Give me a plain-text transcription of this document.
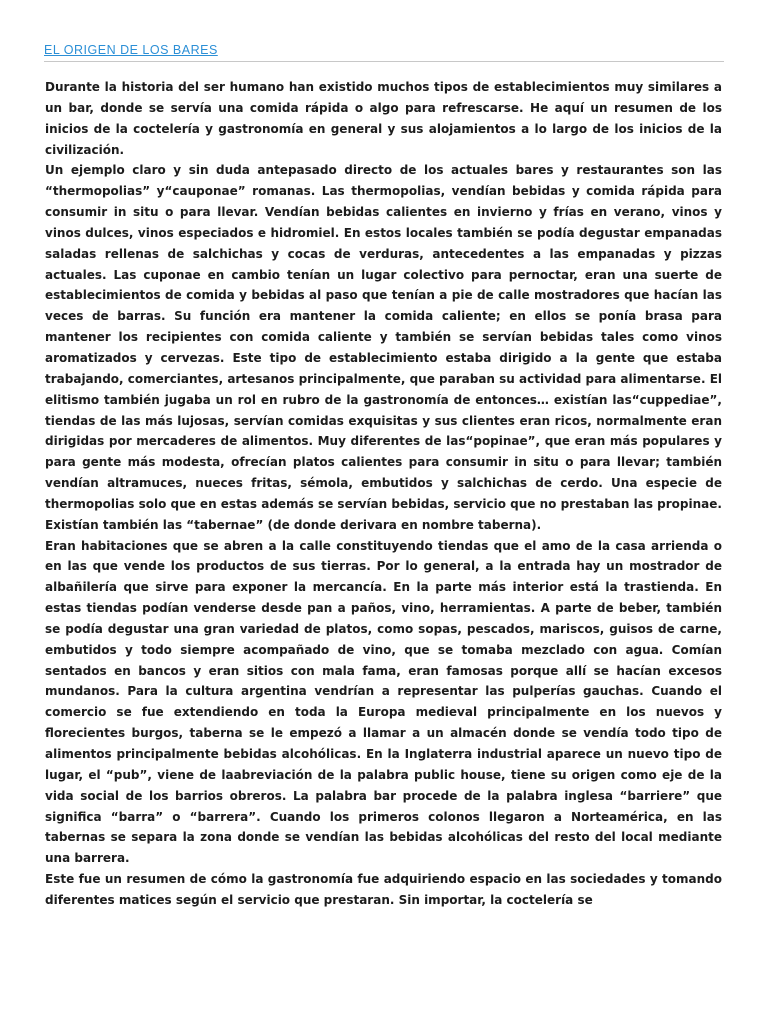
EL ORIGEN DE LOS BARES

Durante la historia del ser humano han existido muchos tipos de establecimientos muy similares a un bar, donde se servía una comida rápida o algo para refrescarse. He aquí un resumen de los inicios de la coctelería y gastronomía en general y sus alojamientos a lo largo de los inicios de la civilización.

Un ejemplo claro y sin duda antepasado directo de los actuales bares y restaurantes son las “thermopolias” y“cauponae” romanas. Las thermopolias, vendían bebidas y comida rápida para consumir in situ o para llevar. Vendían bebidas calientes en invierno y frías en verano, vinos y vinos dulces, vinos especiados e hidromiel. En estos locales también se podía degustar empanadas saladas rellenas de salchichas y cocas de verduras, antecedentes a las empanadas y pizzas actuales. Las cuponae en cambio tenían un lugar colectivo para pernoctar, eran una suerte de establecimientos de comida y bebidas al paso que tenían a pie de calle mostradores que hacían las veces de barras. Su función era mantener la comida caliente; en ellos se ponía brasa para mantener los recipientes con comida caliente y también se servían bebidas tales como vinos aromatizados y cervezas. Este tipo de establecimiento estaba dirigido a la gente que estaba trabajando, comerciantes, artesanos principalmente, que paraban su actividad para alimentarse. El elitismo también jugaba un rol en rubro de la gastronomía de entonces… existían las“cuppediae”, tiendas de las más lujosas, servían comidas exquisitas y sus clientes eran ricos, normalmente eran dirigidas por mercaderes de alimentos. Muy diferentes de las“popinae”, que eran más populares y para gente más modesta, ofrecían platos calientes para consumir in situ o para llevar; también vendían altramuces, nueces fritas, sémola, embutidos y salchichas de cerdo. Una especie de thermopolias solo que en estas además se servían bebidas, servicio que no prestaban las propinae.

Existían también las “tabernae” (de donde derivara en nombre taberna).

Eran habitaciones que se abren a la calle constituyendo tiendas que el amo de la casa arrienda o en las que vende los productos de sus tierras. Por lo general, a la entrada hay un mostrador de albañilería que sirve para exponer la mercancía. En la parte más interior está la trastienda. En estas tiendas podían venderse desde pan a paños, vino, herramientas. A parte de beber, también se podía degustar una gran variedad de platos, como sopas, pescados, mariscos, guisos de carne, embutidos y todo siempre acompañado de vino, que se tomaba mezclado con agua. Comían sentados en bancos y eran sitios con mala fama, eran famosas porque allí se hacían excesos mundanos. Para la cultura argentina vendrían a representar las pulperías gauchas. Cuando el comercio se fue extendiendo en toda la Europa medieval principalmente en los nuevos y florecientes burgos, taberna se le empezó a llamar a un almacén donde se vendía todo tipo de alimentos principalmente bebidas alcohólicas. En la Inglaterra industrial aparece un nuevo tipo de lugar, el “pub”, viene de laabreviación de la palabra public house, tiene su origen como eje de la vida social de los barrios obreros. La palabra bar procede de la palabra inglesa “barriere” que significa “barra” o “barrera”. Cuando los primeros colonos llegaron a Norteamérica, en las tabernas se separa la zona donde se vendían las bebidas alcohólicas del resto del local mediante una barrera.

Este fue un resumen de cómo la gastronomía fue adquiriendo espacio en las sociedades y tomando diferentes matices según el servicio que prestaran. Sin importar, la coctelería se
